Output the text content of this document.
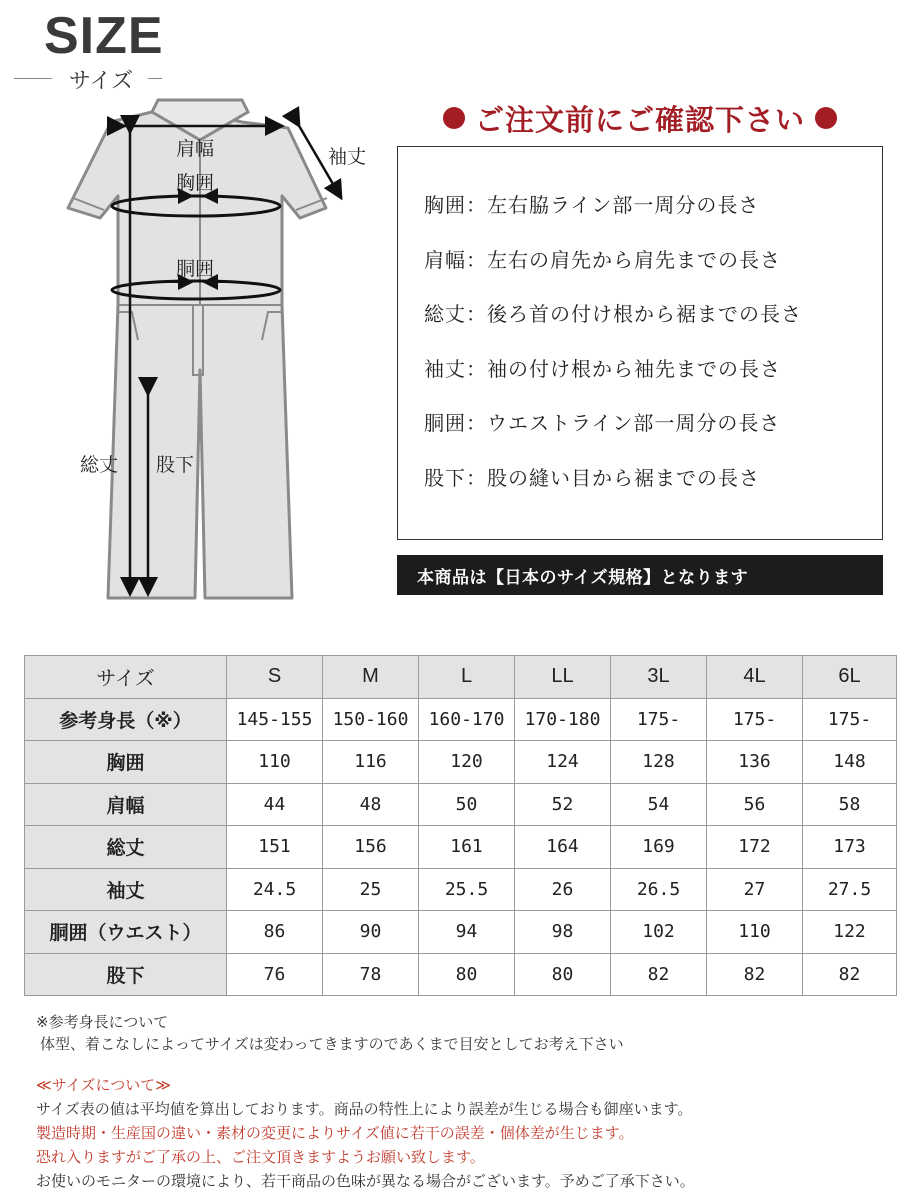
SIZE
サイズ
肩幅	袖丈
胸囲
胴囲
総丈 股下
ご注文前にご確認下さい
胸囲：左右脇ライン部一周分の長さ
肩幅：左右の肩先から肩先までの長さ
総丈：後ろ首の付け根から裾までの長さ
袖丈：袖の付け根から袖先までの長さ
胴囲：ウエストライン部一周分の長さ
股下：股の縫い目から裾までの長さ
本商品は【日本のサイズ規格】となります
サイズ	S	M	L	LL	3L	4L	6L
参考身長（※）	145-155	150-160	160-170	170-180	175-	175-	175-
胸囲	110	116	120	124	128	136	148
肩幅	44	48	50	52	54	56	58
総丈	151	156	161	164	169	172	173
袖丈	24.5	25	25.5	26	26.5	27	27.5
胴囲（ウエスト）	86	90	94	98	102	110	122
股下	76	78	80	80	82	82	82
※参考身長について
体型、着こなしによってサイズは変わってきますのであくまで目安としてお考え下さい
≪サイズについて≫
サイズ表の値は平均値を算出しております。商品の特性上により誤差が生じる場合も御座います。
製造時期・生産国の違い・素材の変更によりサイズ値に若干の誤差・個体差が生じます。
恐れ入りますがご了承の上、ご注文頂きますようお願い致します。
お使いのモニターの環境により、若干商品の色味が異なる場合がございます。予めご了承下さい。
